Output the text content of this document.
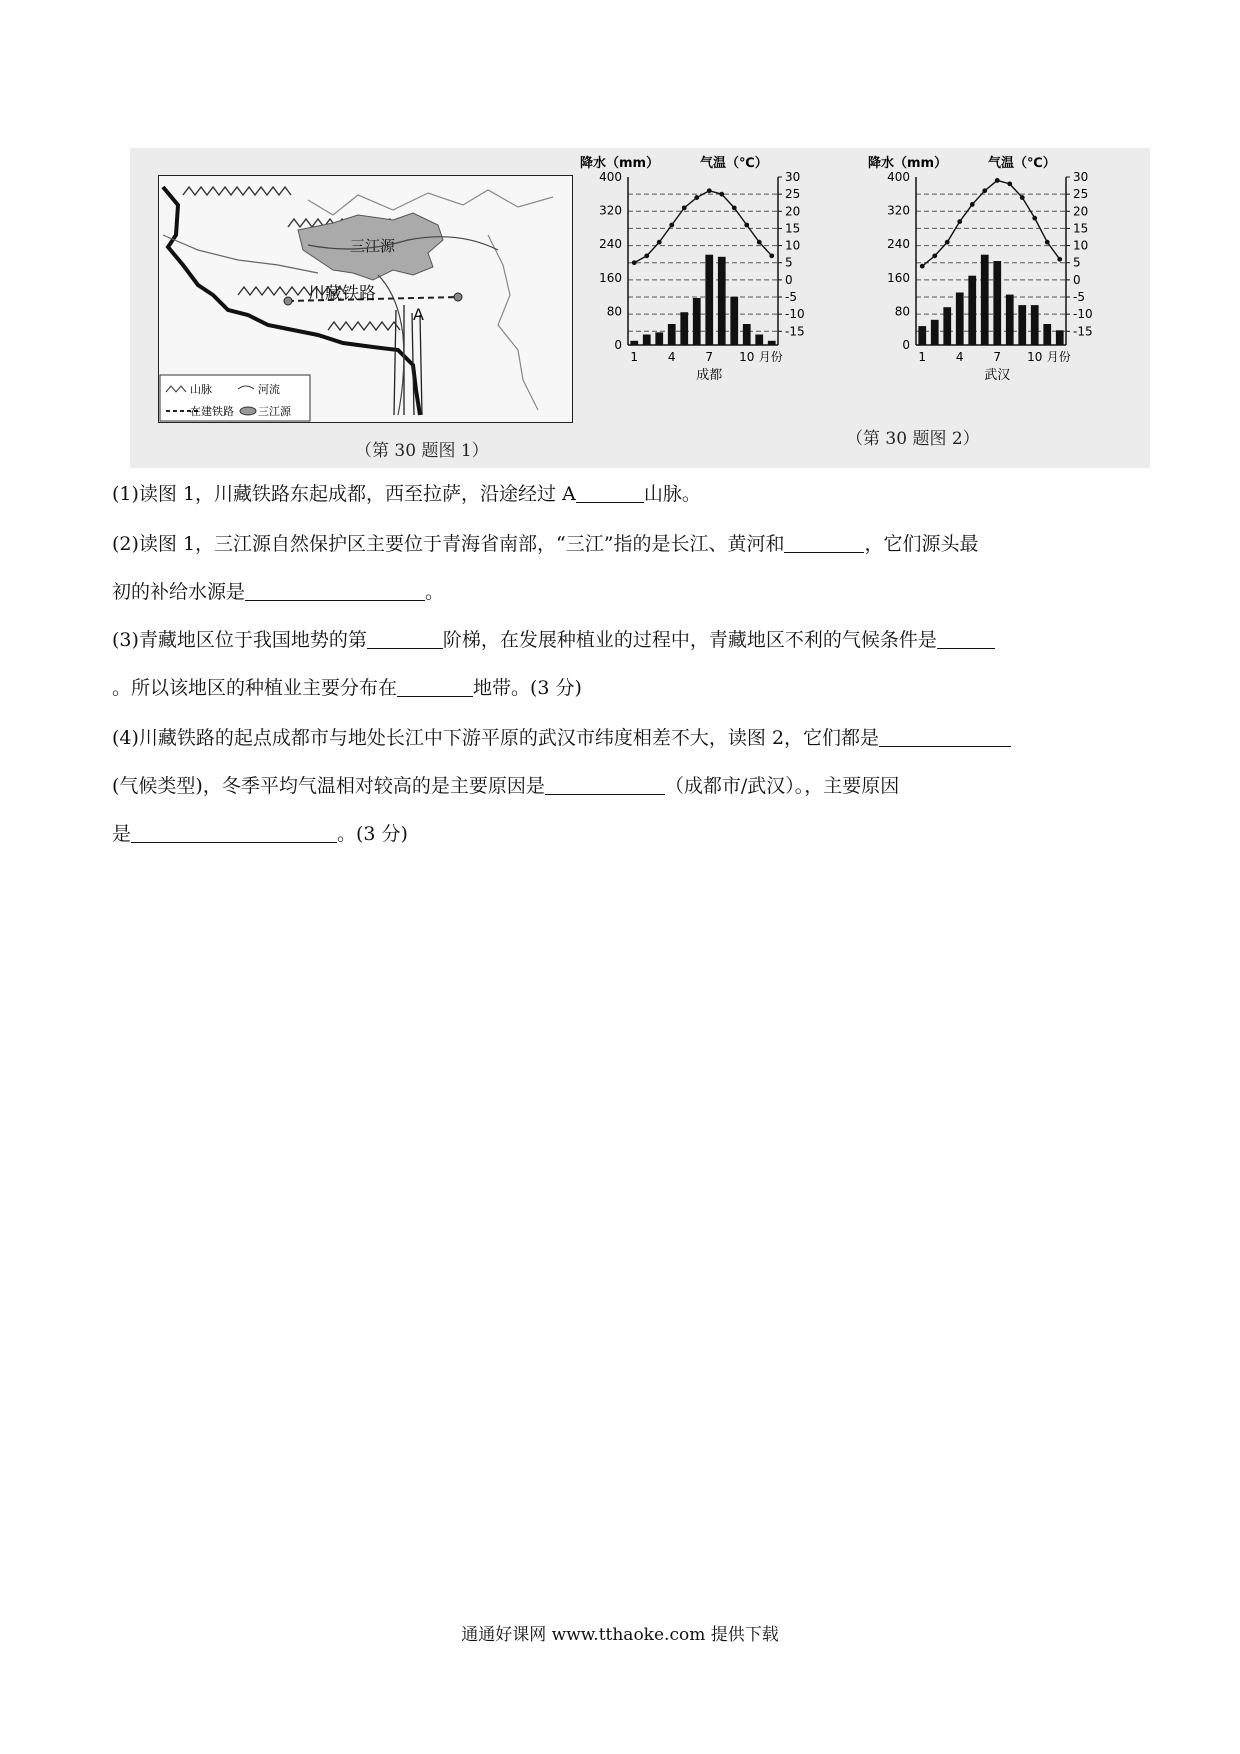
三江源
川藏铁路
A
山脉	河流
在建铁路 三江源
（第 30 题图 1）
降水（mm）	气温（℃）
0
80
160
240
320
400	30
25
20
15
10
5
0
-5
-10
-15
1 4 7 10 月份
成都
降水（mm）	气温（℃）
0
80
160
240
320
400	30
25
20
15
10
5
0
-5
-10
-15
1 4 7 10 月份
武汉
（第 30 题图 2）
(1)读图 1，川藏铁路东起成都，西至拉萨，沿途经过 A	山脉。
(2)读图 1，三江源自然保护区主要位于青海省南部，“三江”指的是长江、黄河和	，它们源头最
初的补给水源是	。
(3)青藏地区位于我国地势的第	阶梯，在发展种植业的过程中，青藏地区不利的气候条件是
。所以该地区的种植业主要分布在	地带。(3 分)
(4)川藏铁路的起点成都市与地处长江中下游平原的武汉市纬度相差不大，读图 2，它们都是
(气候类型)，冬季平均气温相对较高的是主要原因是	（成都市/武汉）。，主要原因
是	。(3 分)
通通好课网 www.tthaoke.com 提供下载
